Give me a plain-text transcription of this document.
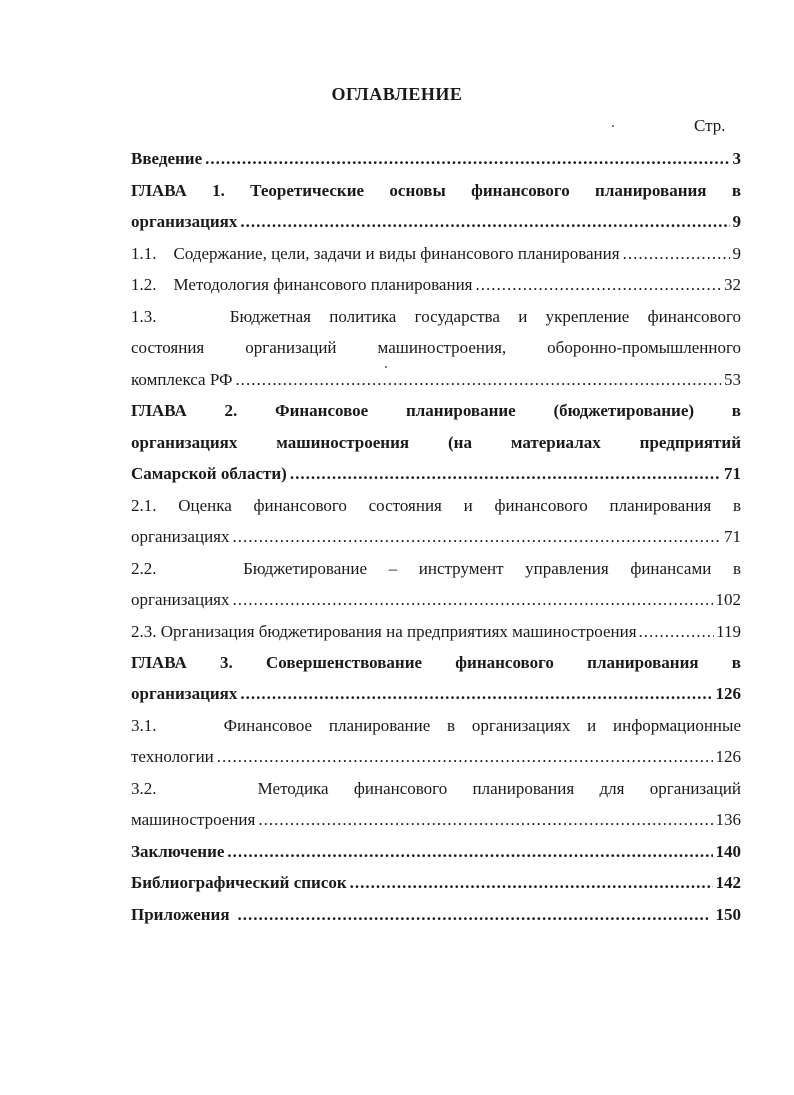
ОГЛАВЛЕНИЕ
Стр.
Введение .....	3
ГЛАВА 1. Теоретические основы финансового планирования в
организациях .....	9
1.1.    Содержание, цели, задачи и виды финансового планирования .....	9
1.2.    Методология финансового планирования .....	32
1.3.    Бюджетная политика государства и укрепление финансового
состояния организаций машиностроения, оборонно-промышленного
комплекса РФ .....	53
ГЛАВА 2. Финансовое планирование (бюджетирование) в
организациях машиностроения (на материалах предприятий
Самарской области) .....	71
2.1. Оценка финансового состояния и финансового планирования в
организациях .....	71
2.2.    Бюджетирование – инструмент управления финансами в
организациях .....	102
2.3. Организация бюджетирования на предприятиях машиностроения .....	119
ГЛАВА 3. Совершенствование финансового планирования в
организациях .....	126
3.1.    Финансовое планирование в организациях и информационные
технологии .....	126
3.2.    Методика финансового планирования для организаций
машиностроения .....	136
Заключение .....	140
Библиографический список .....	142
Приложения .....	150
